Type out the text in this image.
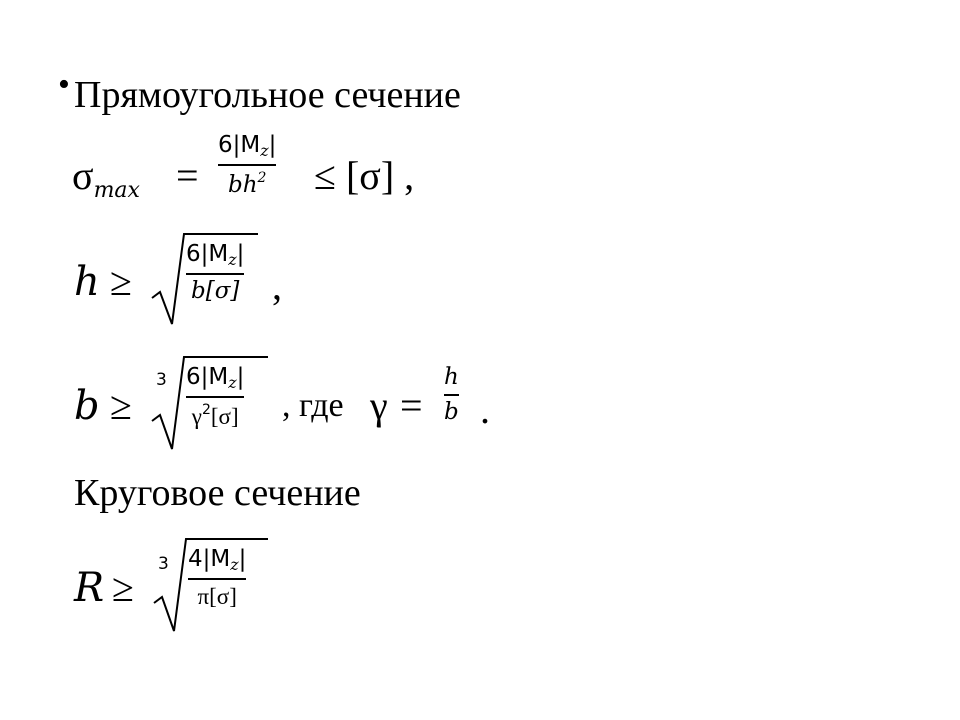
• Прямоугольное сечение
$\sigma_{max}$ =
$6|M_z|$
$bh^2 \le [\sigma]$ ,
h ≥
$6|M_z|$
b[σ] ,
b ≥
3 $6|M_z|$
$\gamma^2[\sigma]$ , где γ =
h
b .
Круговое сечение
R ≥
3 $4|M_z|$
π[σ]
